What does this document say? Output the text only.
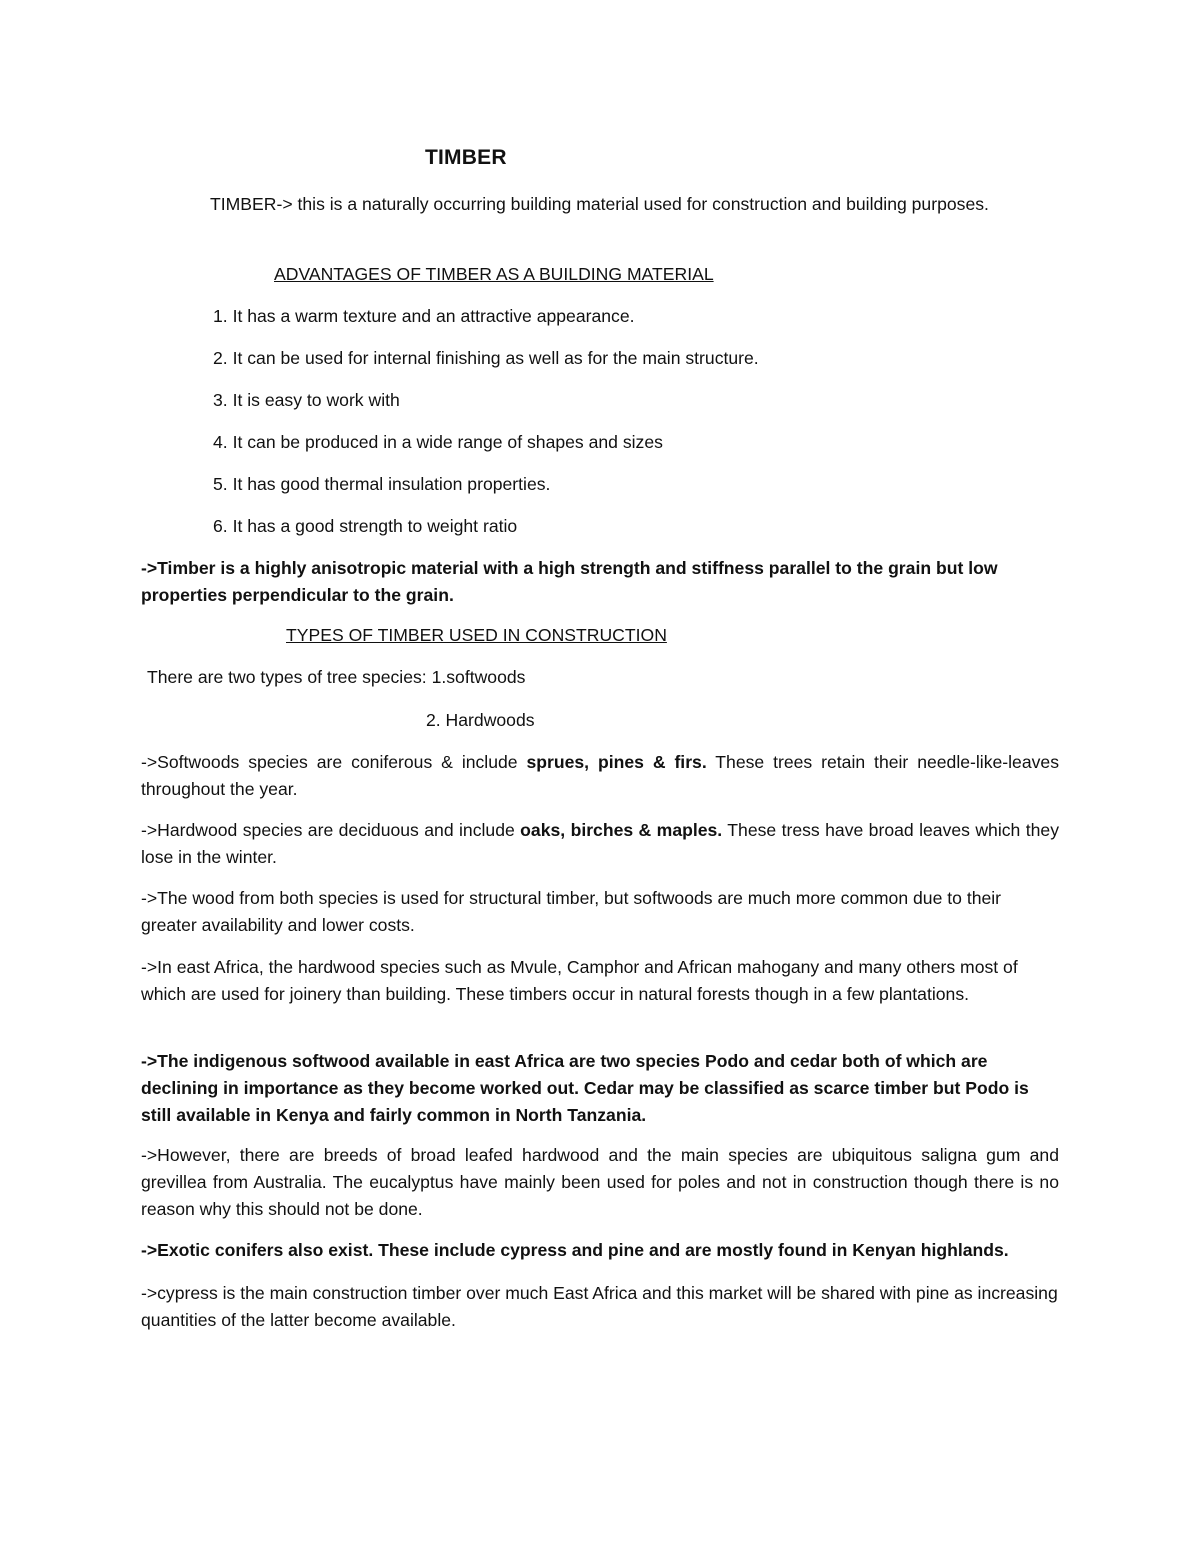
TIMBER

TIMBER-> this is a naturally occurring building material used for construction and building purposes.

ADVANTAGES OF TIMBER AS A BUILDING MATERIAL

1. It has a warm texture and an attractive appearance.

2. It can be used for internal finishing as well as for the main structure.

3. It is easy to work with

4. It can be produced in a wide range of shapes and sizes

5. It has good thermal insulation properties.

6. It has a good strength to weight ratio

->Timber is a highly anisotropic material with a high strength and stiffness parallel to the grain but low properties perpendicular to the grain.

TYPES OF TIMBER USED IN CONSTRUCTION

There are two types of tree species: 1.softwoods

2. Hardwoods

->Softwoods species are coniferous & include sprues, pines & firs. These trees retain their needle-like-leaves throughout the year.

->Hardwood species are deciduous and include oaks, birches & maples. These tress have broad leaves which they lose in the winter.

->The wood from both species is used for structural timber, but softwoods are much more common due to their greater availability and lower costs.

->In east Africa, the hardwood species such as Mvule, Camphor and African mahogany and many others most of which are used for joinery than building. These timbers occur in natural forests though in a few plantations.

->The indigenous softwood available in east Africa are two species Podo and cedar both of which are declining in importance as they become worked out. Cedar may be classified as scarce timber but Podo is still available in Kenya and fairly common in North Tanzania.

->However, there are breeds of broad leafed hardwood and the main species are ubiquitous saligna gum and grevillea from Australia. The eucalyptus have mainly been used for poles and not in construction though there is no reason why this should not be done.

->Exotic conifers also exist. These include cypress and pine and are mostly found in Kenyan highlands.

->cypress is the main construction timber over much East Africa and this market will be shared with pine as increasing quantities of the latter become available.
